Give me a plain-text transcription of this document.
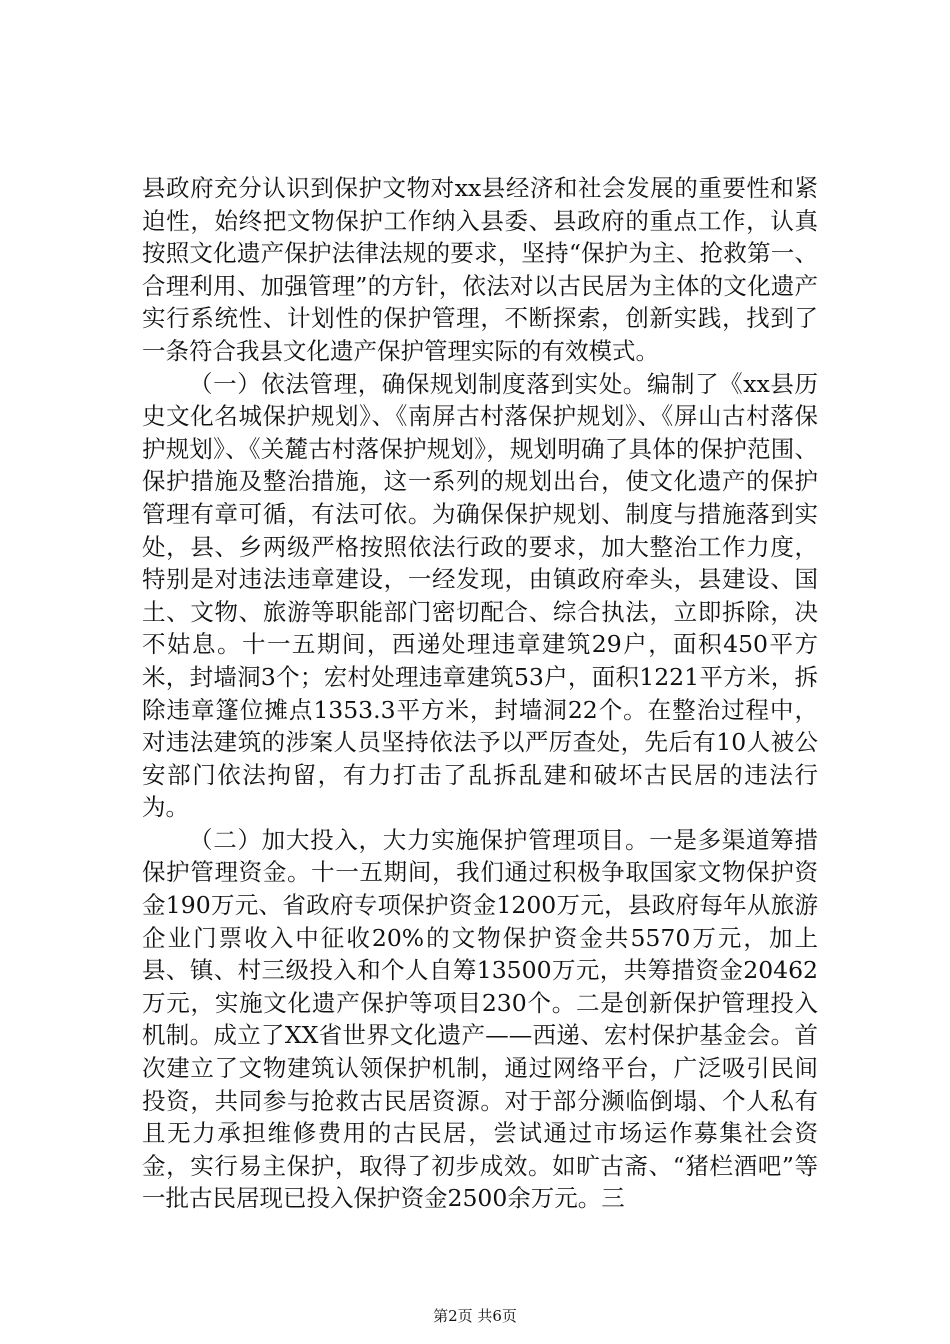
县政府充分认识到保护文物对xx县经济和社会发展的重要性和紧迫性，始终把文物保护工作纳入县委、县政府的重点工作，认真按照文化遗产保护法律法规的要求，坚持“保护为主、抢救第一、合理利用、加强管理”的方针，依法对以古民居为主体的文化遗产实行系统性、计划性的保护管理，不断探索，创新实践，找到了一条符合我县文化遗产保护管理实际的有效模式。

（一）依法管理，确保规划制度落到实处。编制了《xx县历史文化名城保护规划》、《南屏古村落保护规划》、《屏山古村落保护规划》、《关麓古村落保护规划》，规划明确了具体的保护范围、保护措施及整治措施，这一系列的规划出台，使文化遗产的保护管理有章可循，有法可依。为确保保护规划、制度与措施落到实处，县、乡两级严格按照依法行政的要求，加大整治工作力度，特别是对违法违章建设，一经发现，由镇政府牵头，县建设、国土、文物、旅游等职能部门密切配合、综合执法，立即拆除，决不姑息。十一五期间，西递处理违章建筑29户，面积450平方米，封墙洞3个；宏村处理违章建筑53户，面积1221平方米，拆除违章篷位摊点1353.3平方米，封墙洞22个。在整治过程中，对违法建筑的涉案人员坚持依法予以严厉查处，先后有10人被公安部门依法拘留，有力打击了乱拆乱建和破坏古民居的违法行为。

（二）加大投入，大力实施保护管理项目。一是多渠道筹措保护管理资金。十一五期间，我们通过积极争取国家文物保护资金190万元、省政府专项保护资金1200万元，县政府每年从旅游企业门票收入中征收20%的文物保护资金共5570万元，加上县、镇、村三级投入和个人自筹13500万元，共筹措资金20462万元，实施文化遗产保护等项目230个。二是创新保护管理投入机制。成立了XX省世界文化遗产——西递、宏村保护基金会。首次建立了文物建筑认领保护机制，通过网络平台，广泛吸引民间投资，共同参与抢救古民居资源。对于部分濒临倒塌、个人私有且无力承担维修费用的古民居，尝试通过市场运作募集社会资金，实行易主保护，取得了初步成效。如旷古斋、“猪栏酒吧”等一批古民居现已投入保护资金2500余万元。三

第2页 共6页
